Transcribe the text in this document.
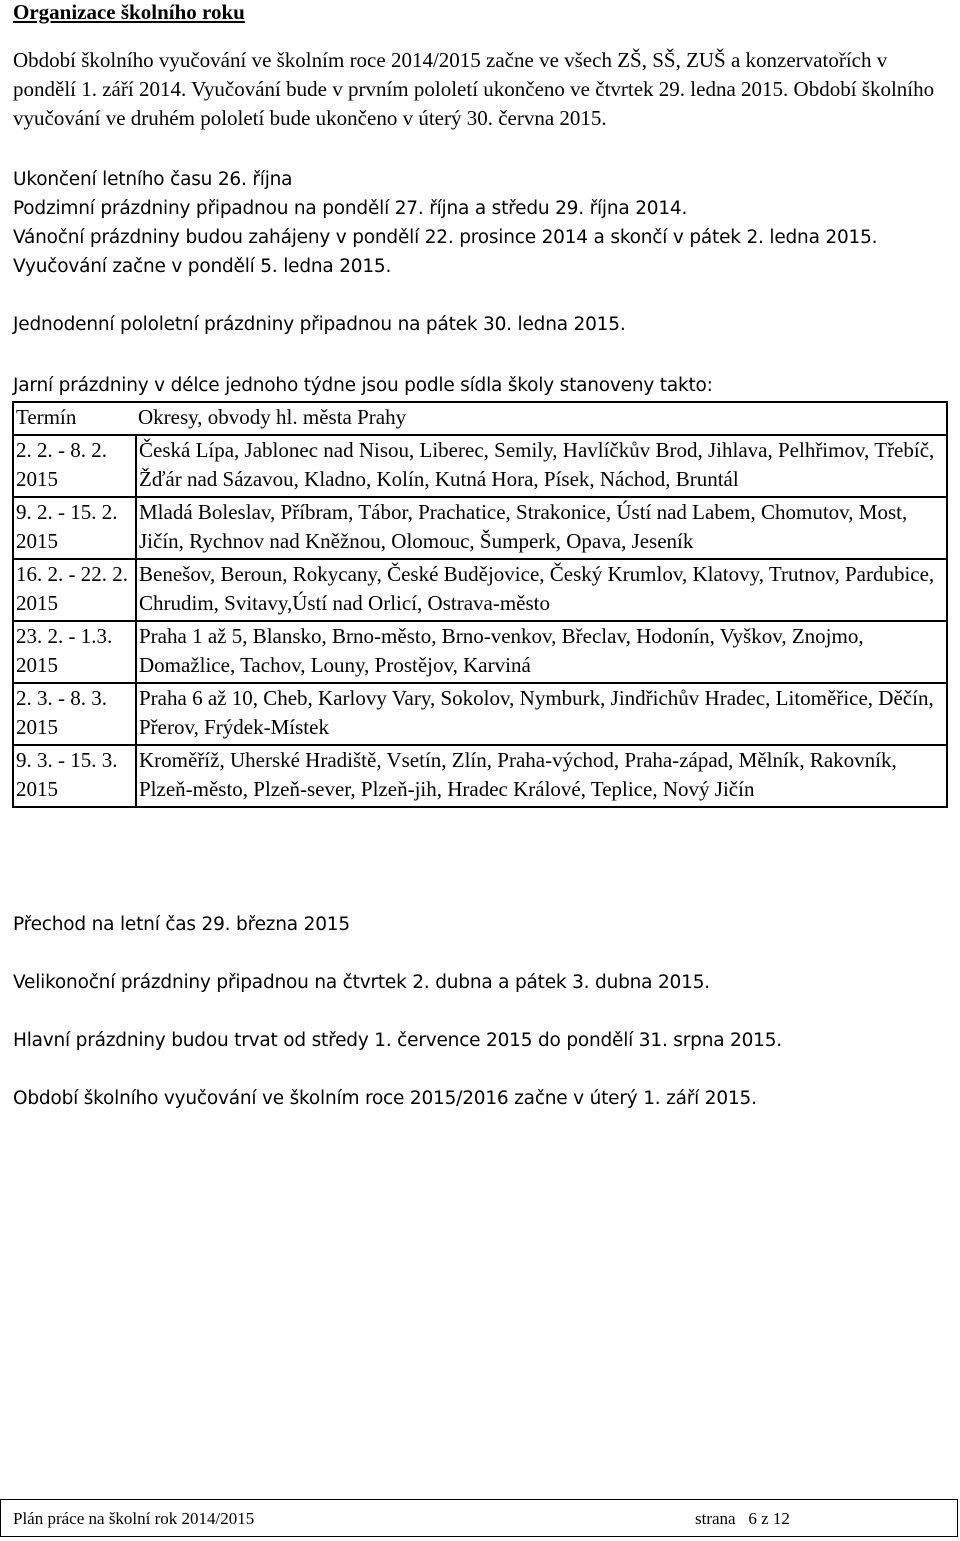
Organizace školního roku
Období školního vyučování ve školním roce 2014/2015 začne ve všech ZŠ, SŠ, ZUŠ a konzervatořích v pondělí 1. září 2014. Vyučování bude v prvním pololetí ukončeno ve čtvrtek 29. ledna 2015. Období školního vyučování ve druhém pololetí bude ukončeno v úterý 30. června 2015.
Ukončení letního času 26. října
Podzimní prázdniny připadnou na pondělí 27. října a středu 29. října 2014.
Vánoční prázdniny budou zahájeny v pondělí 22. prosince 2014 a skončí v pátek 2. ledna 2015. Vyučování začne v pondělí 5. ledna 2015.
Jednodenní pololetní prázdniny připadnou na pátek 30. ledna 2015.
Jarní prázdniny v délce jednoho týdne jsou podle sídla školy stanoveny takto:
Termín	Okresy, obvody hl. města Prahy
2. 2. - 8. 2. 2015	Česká Lípa, Jablonec nad Nisou, Liberec, Semily, Havlíčkův Brod, Jihlava, Pelhřimov, Třebíč, Žďár nad Sázavou, Kladno, Kolín, Kutná Hora, Písek, Náchod, Bruntál
9. 2. - 15. 2. 2015	Mladá Boleslav, Příbram, Tábor, Prachatice, Strakonice, Ústí nad Labem, Chomutov, Most, Jičín, Rychnov nad Kněžnou, Olomouc, Šumperk, Opava, Jeseník
16. 2. - 22. 2. 2015	Benešov, Beroun, Rokycany, České Budějovice, Český Krumlov, Klatovy, Trutnov, Pardubice, Chrudim, Svitavy,Ústí nad Orlicí, Ostrava-město
23. 2. - 1.3. 2015	Praha 1 až 5, Blansko, Brno-město, Brno-venkov, Břeclav, Hodonín, Vyškov, Znojmo, Domažlice, Tachov, Louny, Prostějov, Karviná
2. 3. - 8. 3. 2015	Praha 6 až 10, Cheb, Karlovy Vary, Sokolov, Nymburk, Jindřichův Hradec, Litoměřice, Děčín, Přerov, Frýdek-Místek
9. 3. - 15. 3. 2015	Kroměříž, Uherské Hradiště, Vsetín, Zlín, Praha-východ, Praha-západ, Mělník, Rakovník, Plzeň-město, Plzeň-sever, Plzeň-jih, Hradec Králové, Teplice, Nový Jičín
Přechod na letní čas 29. března 2015
Velikonoční prázdniny připadnou na čtvrtek 2. dubna a pátek 3. dubna 2015.
Hlavní prázdniny budou trvat od středy 1. července 2015 do pondělí 31. srpna 2015.
Období školního vyučování ve školním roce 2015/2016 začne v úterý 1. září 2015.
Plán práce na školní rok 2014/2015	strana   6 z 12
